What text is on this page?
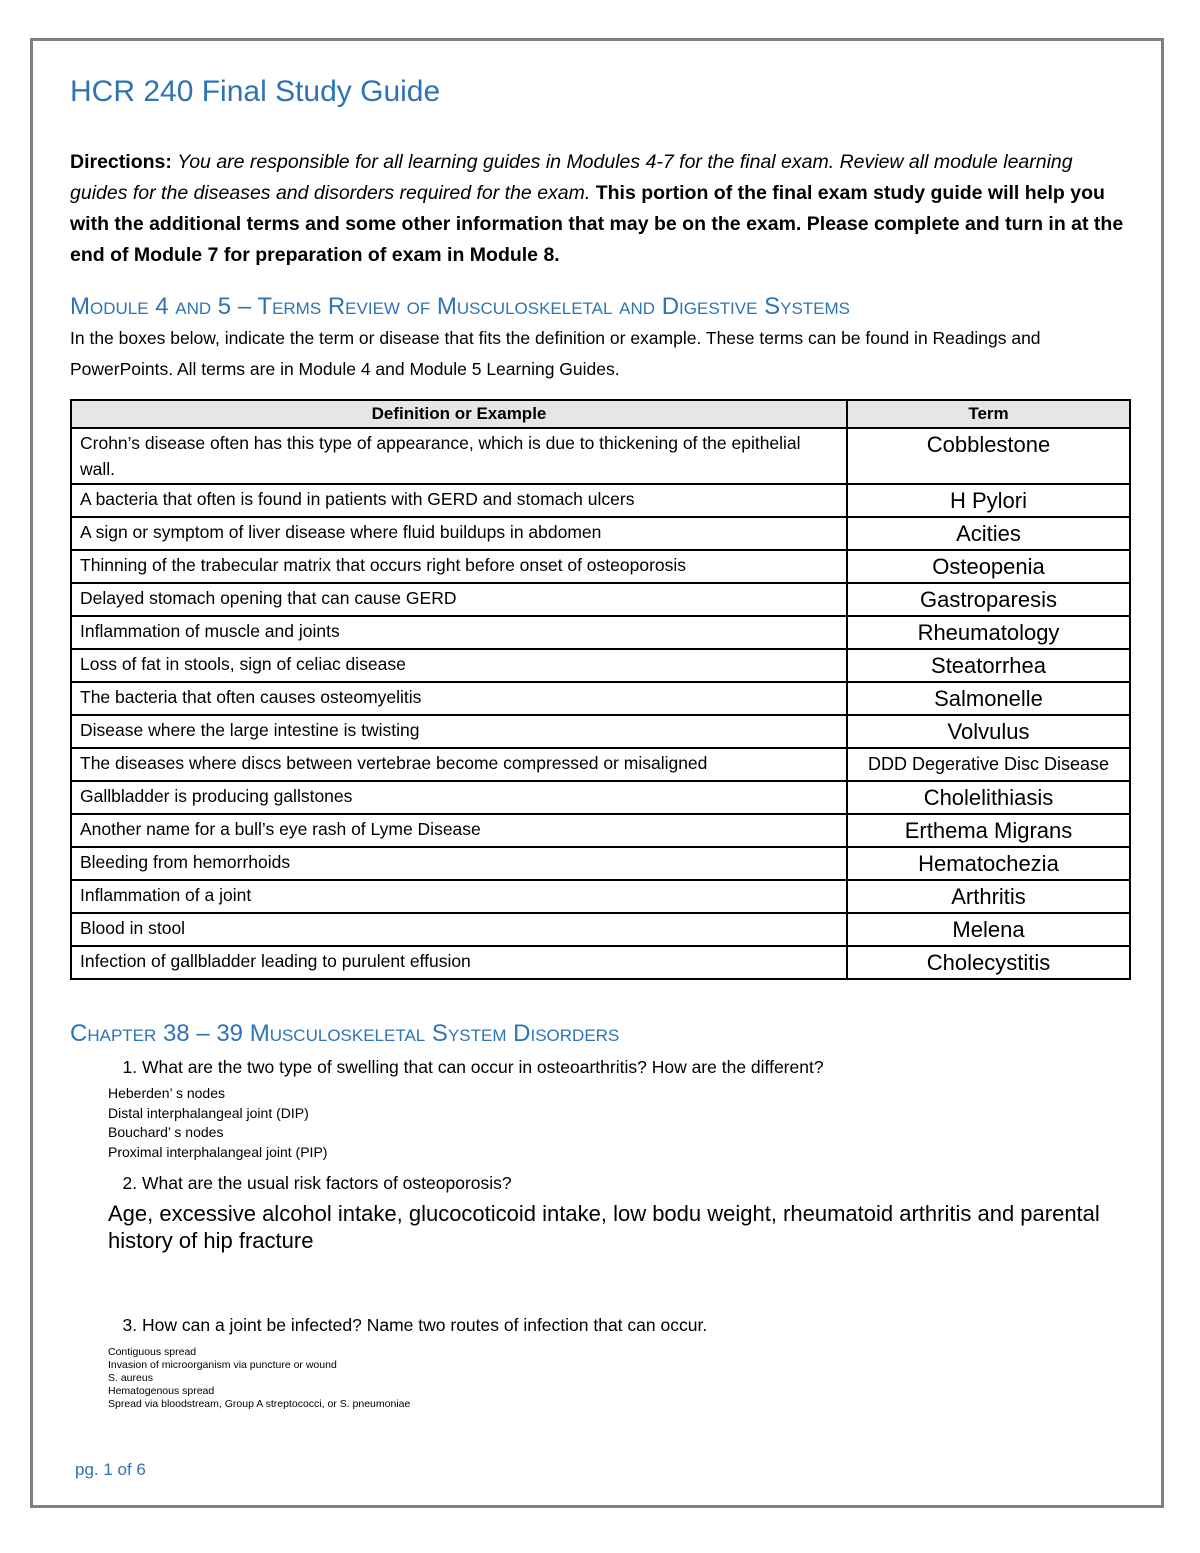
HCR 240 Final Study Guide
Directions: You are responsible for all learning guides in Modules 4-7 for the final exam. Review all module learning guides for the diseases and disorders required for the exam. This portion of the final exam study guide will help you with the additional terms and some other information that may be on the exam. Please complete and turn in at the end of Module 7 for preparation of exam in Module 8.
Module 4 and 5 – Terms Review of Musculoskeletal and Digestive Systems
In the boxes below, indicate the term or disease that fits the definition or example. These terms can be found in Readings and PowerPoints. All terms are in Module 4 and Module 5 Learning Guides.
Definition or Example	Term
Crohn’s disease often has this type of appearance, which is due to thickening of the epithelial wall.	Cobblestone
A bacteria that often is found in patients with GERD and stomach ulcers	H Pylori
A sign or symptom of liver disease where fluid buildups in abdomen	Acities
Thinning of the trabecular matrix that occurs right before onset of osteoporosis	Osteopenia
Delayed stomach opening that can cause GERD	Gastroparesis
Inflammation of muscle and joints	Rheumatology
Loss of fat in stools, sign of celiac disease	Steatorrhea
The bacteria that often causes osteomyelitis	Salmonelle
Disease where the large intestine is twisting	Volvulus
The diseases where discs between vertebrae become compressed or misaligned	DDD Degerative Disc Disease
Gallbladder is producing gallstones	Cholelithiasis
Another name for a bull’s eye rash of Lyme Disease	Erthema Migrans
Bleeding from hemorrhoids	Hematochezia
Inflammation of a joint	Arthritis
Blood in stool	Melena
Infection of gallbladder leading to purulent effusion	Cholecystitis
Chapter 38 – 39 Musculoskeletal System Disorders
1. What are the two type of swelling that can occur in osteoarthritis? How are the different?
Heberden’ s nodes
Distal interphalangeal joint (DIP)
Bouchard’ s nodes
Proximal interphalangeal joint (PIP)
2. What are the usual risk factors of osteoporosis?
Age, excessive alcohol intake, glucocoticoid intake, low bodu weight, rheumatoid arthritis and parental history of hip fracture
3. How can a joint be infected? Name two routes of infection that can occur.
Contiguous spread
Invasion of microorganism via puncture or wound
S. aureus
Hematogenous spread
Spread via bloodstream, Group A streptococci, or S. pneumoniae
pg. 1 of 6
